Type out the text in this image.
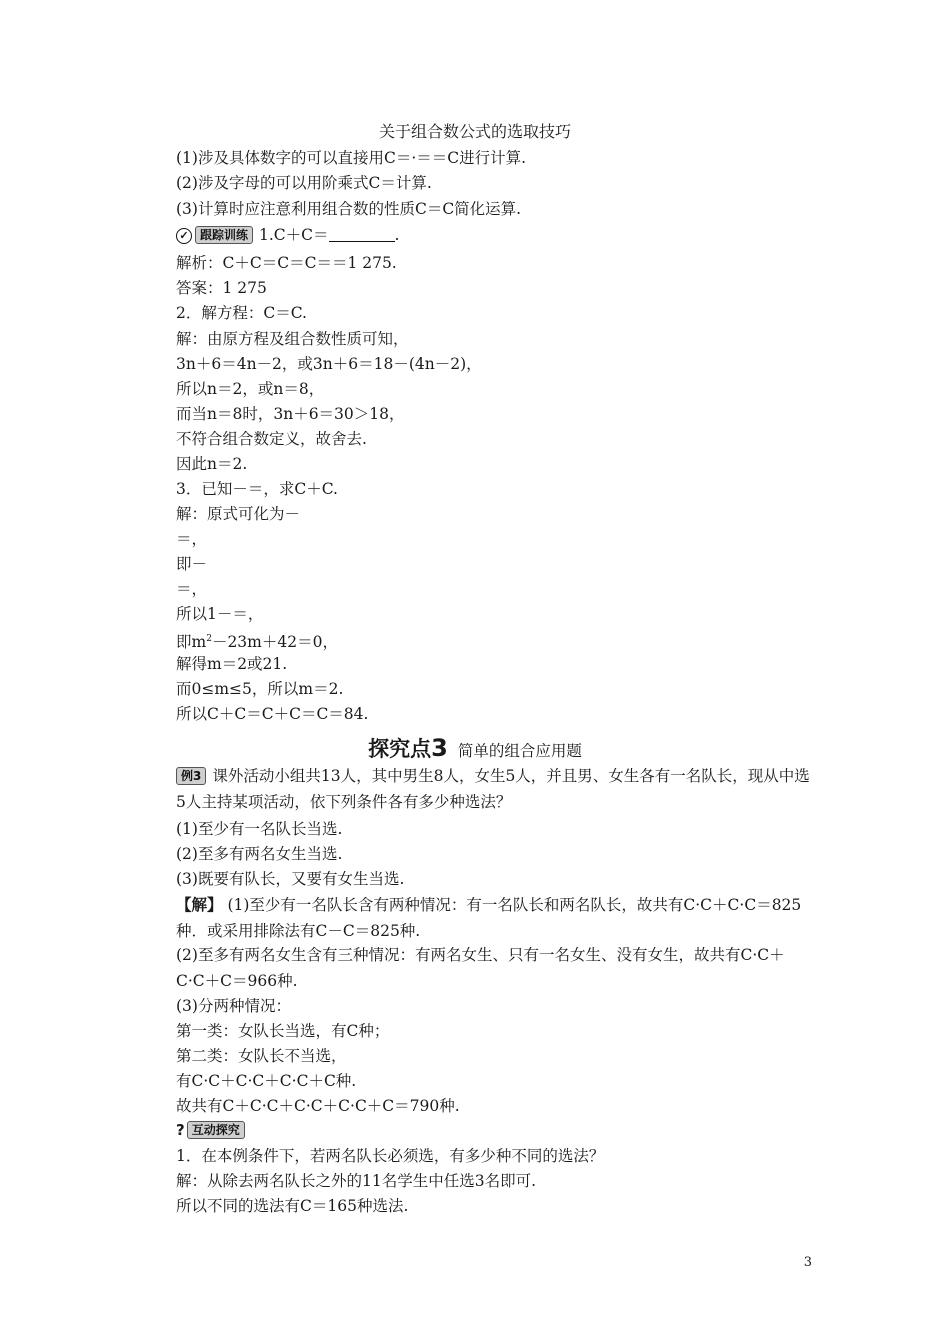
关于组合数公式的选取技巧
(1)涉及具体数字的可以直接用C＝·＝＝C进行计算.
(2)涉及字母的可以用阶乘式C＝计算.
(3)计算时应注意利用组合数的性质C＝C简化运算.
✓ 跟踪训练 1.C＋C＝	.
解析：C＋C＝C＝C＝＝1 275.
答案：1 275
2．解方程：C＝C.
解：由原方程及组合数性质可知，
3n＋6＝4n－2，或3n＋6＝18－(4n－2)，
所以n＝2，或n＝8，
而当n＝8时，3n＋6＝30＞18，
不符合组合数定义，故舍去.
因此n＝2.
3．已知－＝，求C＋C.
解：原式可化为－
＝，
即－
＝，
所以1－＝，
即$m^2-23m+42=0$，
解得m＝2或21.
而0≤m≤5，所以m＝2.
所以C＋C＝C＋C＝C＝84.
探究点3 简单的组合应用题
例3 课外活动小组共13人，其中男生8人，女生5人，并且男、女生各有一名队长，现从中选5人主持某项活动，依下列条件各有多少种选法？
(1)至少有一名队长当选.
(2)至多有两名女生当选.
(3)既要有队长，又要有女生当选.
【解】 (1)至少有一名队长含有两种情况：有一名队长和两名队长，故共有C·C＋C·C＝825种．或采用排除法有C－C＝825种.
(2)至多有两名女生含有三种情况：有两名女生、只有一名女生、没有女生，故共有C·C＋C·C＋C＝966种.
(3)分两种情况：
第一类：女队长当选，有C种；
第二类：女队长不当选，
有C·C＋C·C＋C·C＋C种.
故共有C＋C·C＋C·C＋C·C＋C＝790种.
? 互动探究
1．在本例条件下，若两名队长必须选，有多少种不同的选法？
解：从除去两名队长之外的11名学生中任选3名即可.
所以不同的选法有C＝165种选法.
3
